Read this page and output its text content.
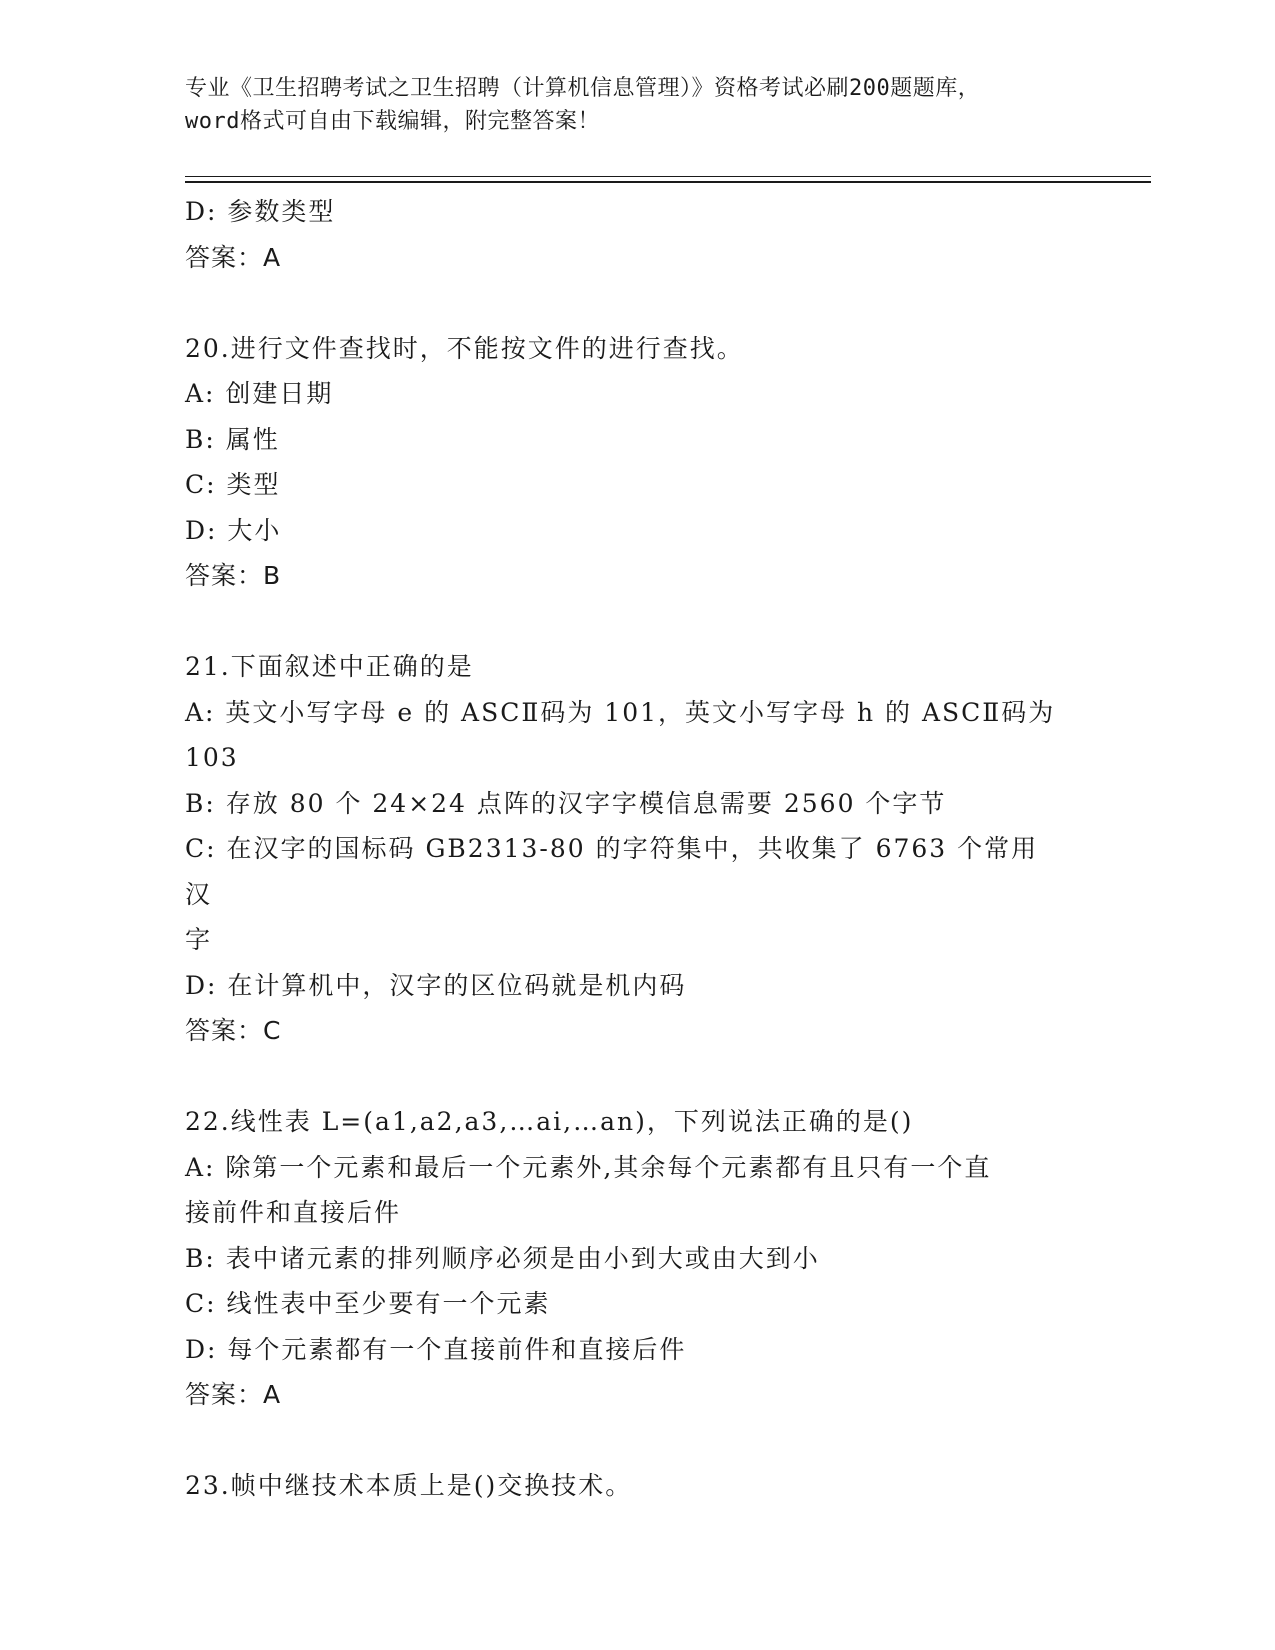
专业《卫生招聘考试之卫生招聘（计算机信息管理）》资格考试必刷200题题库，

word格式可自由下载编辑，附完整答案！

D: 参数类型

答案：A

20.进行文件查找时，不能按文件的进行查找。

A: 创建日期

B: 属性

C: 类型

D: 大小

答案：B

21.下面叙述中正确的是

A: 英文小写字母 e 的 ASCⅡ码为 101，英文小写字母 h 的 ASCⅡ码为

103

B: 存放 80 个 24×24 点阵的汉字字模信息需要 2560 个字节

C: 在汉字的国标码 GB2313-80 的字符集中，共收集了 6763 个常用汉

字

D: 在计算机中，汉字的区位码就是机内码

答案：C

22.线性表 L=(a1,a2,a3,…ai,…an)，下列说法正确的是()

A: 除第一个元素和最后一个元素外,其余每个元素都有且只有一个直

接前件和直接后件

B: 表中诸元素的排列顺序必须是由小到大或由大到小

C: 线性表中至少要有一个元素

D: 每个元素都有一个直接前件和直接后件

答案：A

23.帧中继技术本质上是()交换技术。
